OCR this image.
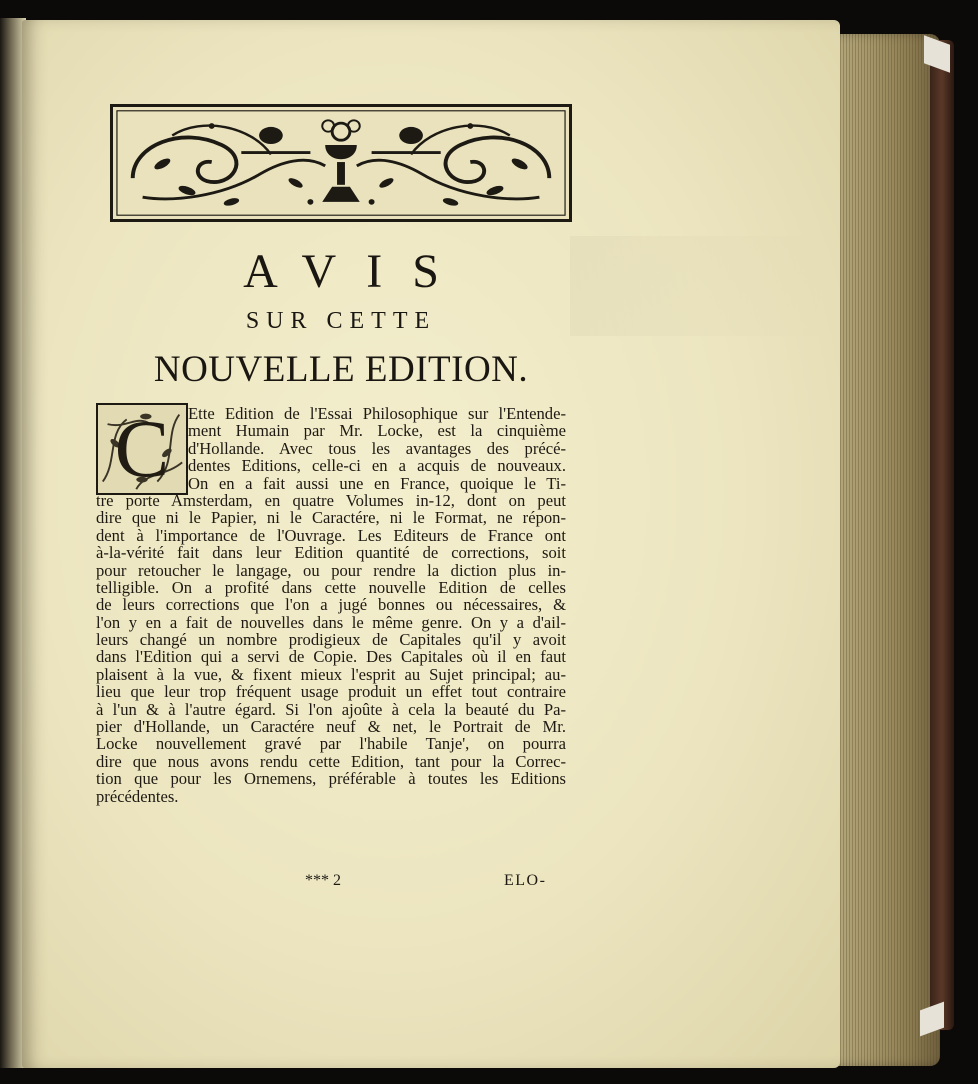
AVIS
SUR CETTE
NOUVELLE EDITION.
C	Ette Edition de l'Essai Philosophique sur l'Entende-
ment Humain par Mr. Locke, est la cinquième
d'Hollande. Avec tous les avantages des précé-
dentes Editions, celle-ci en a acquis de nouveaux.
On en a fait aussi une en France, quoique le Ti-
tre porte Amsterdam, en quatre Volumes in-12, dont on peut
dire que ni le Papier, ni le Caractére, ni le Format, ne répon-
dent à l'importance de l'Ouvrage. Les Editeurs de France ont
à-la-vérité fait dans leur Edition quantité de corrections, soit
pour retoucher le langage, ou pour rendre la diction plus in-
telligible. On a profité dans cette nouvelle Edition de celles
de leurs corrections que l'on a jugé bonnes ou nécessaires, &
l'on y en a fait de nouvelles dans le même genre. On y a d'ail-
leurs changé un nombre prodigieux de Capitales qu'il y avoit
dans l'Edition qui a servi de Copie. Des Capitales où il en faut
plaisent à la vue, & fixent mieux l'esprit au Sujet principal; au-
lieu que leur trop fréquent usage produit un effet tout contraire
à l'un & à l'autre égard. Si l'on ajoûte à cela la beauté du Pa-
pier d'Hollande, un Caractére neuf & net, le Portrait de Mr.
Locke nouvellement gravé par l'habile Tanje', on pourra
dire que nous avons rendu cette Edition, tant pour la Correc-
tion que pour les Ornemens, préférable à toutes les Editions
précédentes.
*** 2	ELO-
